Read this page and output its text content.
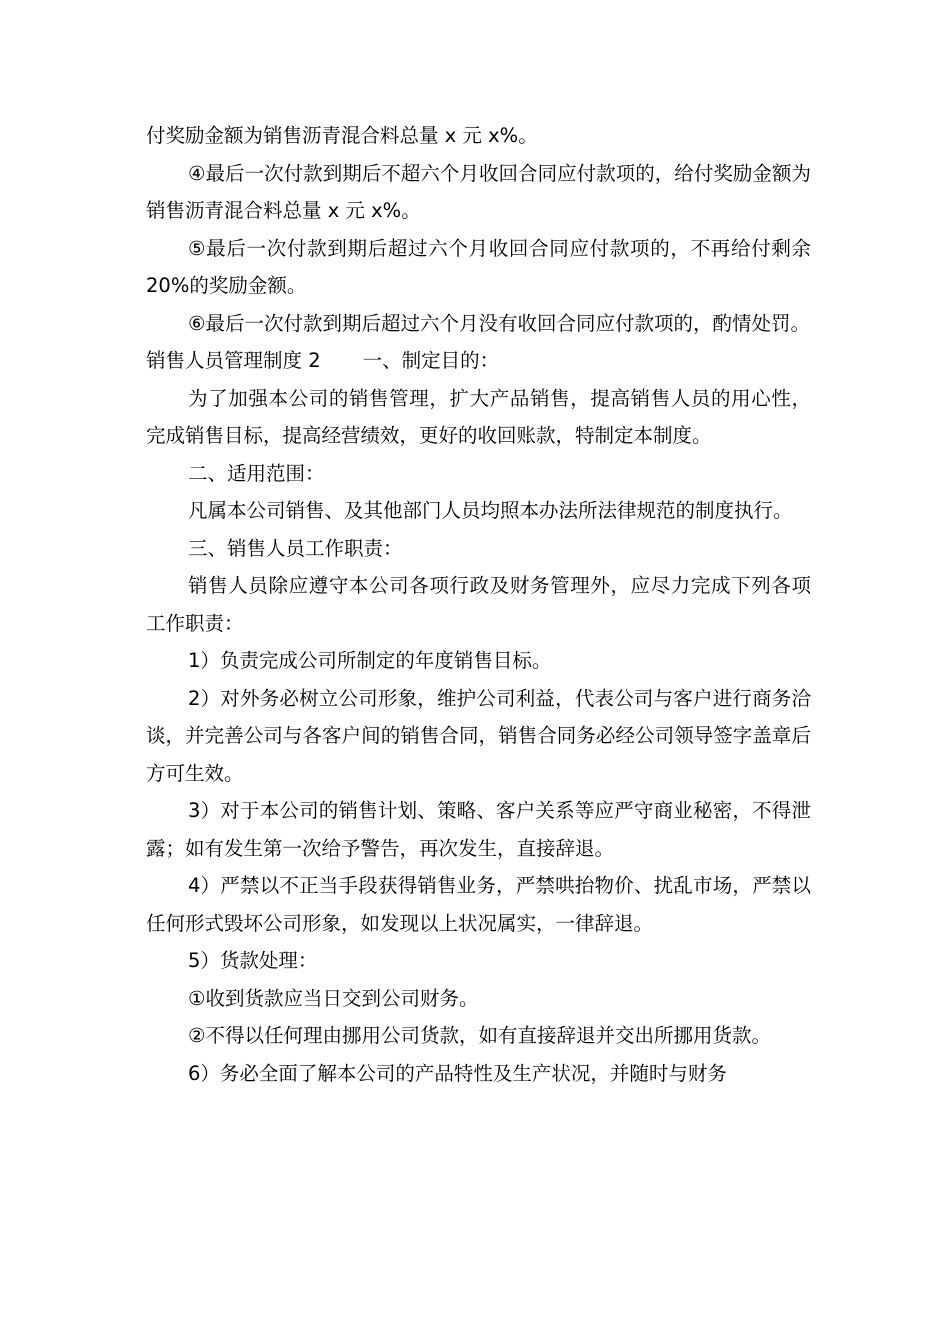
付奖励金额为销售沥青混合料总量 x 元 x%。

④最后一次付款到期后不超六个月收回合同应付款项的，给付奖励金额为销售沥青混合料总量 x 元 x%。

⑤最后一次付款到期后超过六个月收回合同应付款项的，不再给付剩余 20%的奖励金额。

⑥最后一次付款到期后超过六个月没有收回合同应付款项的，酌情处罚。

销售人员管理制度 2 一、制定目的：

为了加强本公司的销售管理，扩大产品销售，提高销售人员的用心性，完成销售目标，提高经营绩效，更好的收回账款，特制定本制度。

二、适用范围：

凡属本公司销售、及其他部门人员均照本办法所法律规范的制度执行。

三、销售人员工作职责：

销售人员除应遵守本公司各项行政及财务管理外，应尽力完成下列各项工作职责：

1）负责完成公司所制定的年度销售目标。

2）对外务必树立公司形象，维护公司利益，代表公司与客户进行商务洽谈，并完善公司与各客户间的销售合同，销售合同务必经公司领导签字盖章后方可生效。

3）对于本公司的销售计划、策略、客户关系等应严守商业秘密，不得泄露；如有发生第一次给予警告，再次发生，直接辞退。

4）严禁以不正当手段获得销售业务，严禁哄抬物价、扰乱市场，严禁以任何形式毁坏公司形象，如发现以上状况属实，一律辞退。

5）货款处理：

①收到货款应当日交到公司财务。

②不得以任何理由挪用公司货款，如有直接辞退并交出所挪用货款。

6）务必全面了解本公司的产品特性及生产状况，并随时与财务
